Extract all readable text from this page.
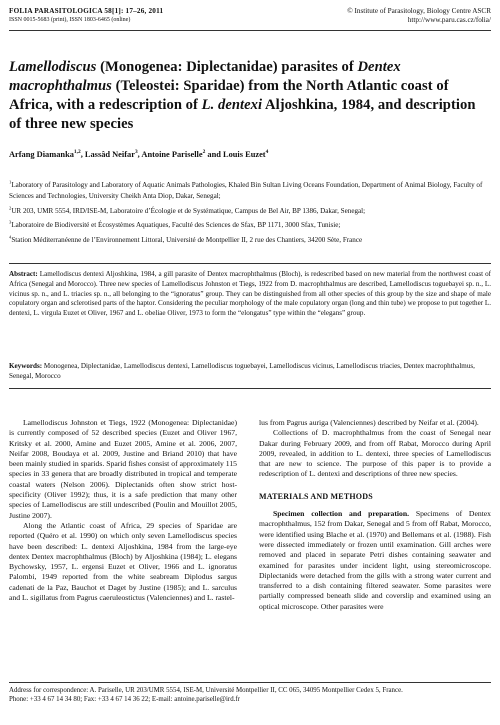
FOLIA PARASITOLOGICA 58[1]: 17–26, 2011
ISSN 0015-5683 (print), ISSN 1803-6465 (online)
© Institute of Parasitology, Biology Centre ASCR
http://www.paru.cas.cz/folia/
Lamellodiscus (Monogenea: Diplectanidae) parasites of Dentex macrophthalmus (Teleostei: Sparidae) from the North Atlantic coast of Africa, with a redescription of L. dentexi Aljoshkina, 1984, and description of three new species
Arfang Diamanka$^{1,2}$, Lassâd Neifar$^3$, Antoine Pariselle$^2$ and Louis Euzet$^4$

$^1$Laboratory of Parasitology and Laboratory of Aquatic Animals Pathologies, Khaled Bin Sultan Living Oceans Foundation, Department of Animal Biology, Faculty of Sciences and Technologies, University Cheikh Anta Diop, Dakar, Senegal;

$^2$UR 203, UMR 5554, IRD/ISE-M, Laboratoire d’Écologie et de Systématique, Campus de Bel Air, BP 1386, Dakar, Senegal;

$^3$Laboratoire de Biodiversité et Écosystèmes Aquatiques, Faculté des Sciences de Sfax, BP 1171, 3000 Sfax, Tunisie;

$^4$Station Méditerranéenne de l’Environnement Littoral, Université de Montpellier II, 2 rue des Chantiers, 34200 Sète, France

Abstract: Lamellodiscus dentexi Aljoshkina, 1984, a gill parasite of Dentex macrophthalmus (Bloch), is redescribed based on new material from the northwest coast of Africa (Senegal and Morocco). Three new species of Lamellodiscus Johnston et Tiegs, 1922 from D. macrophthalmus are described, Lamellodiscus toguebayei sp. n., L. vicinus sp. n., and L. triacies sp. n., all belonging to the “ignoratus” group. They can be distinguished from all other species of this group by the size and shape of male copulatory organ and sclerotised parts of the haptor. Considering the peculiar morphology of the male copulatory organ (long and thin tube) we propose to put together L. dentexi, L. virgula Euzet et Oliver, 1967 and L. obeliae Oliver, 1973 to form the “elongatus” type within the “elegans” group.
Keywords: Monogenea, Diplectanidae, Lamellodiscus dentexi, Lamellodiscus toguebayei, Lamellodiscus vicinus, Lamellodiscus triacies, Dentex macrophthalmus, Senegal, Morocco

Lamellodiscus Johnston et Tiegs, 1922 (Monogenea: Diplectanidae) is currently composed of 52 described species (Euzet and Oliver 1967, Kritsky et al. 2000, Amine and Euzet 2005, Amine et al. 2006, 2007, Neifar 2008, Boudaya et al. 2009, Justine and Briand 2010) that have been mainly studied in sparids. Sparid fishes consist of approximately 115 species in 33 genera that are broadly distributed in tropical and temperate coastal waters (Nelson 2006). Diplectanids often show strict host-specificity (Oliver 1992); thus, it is a safe prediction that many other species of Lamellodiscus are still undescribed (Poulin and Mouillot 2005, Justine 2007).

Along the Atlantic coast of Africa, 29 species of Sparidae are reported (Quéro et al. 1990) on which only seven Lamellodiscus species have been described: L. dentexi Aljoshkina, 1984 from the large-eye dentex Dentex macrophthalmus (Bloch) by Aljoshkina (1984); L. elegans Bychowsky, 1957, L. ergensi Euzet et Oliver, 1966 and L. ignoratus Palombi, 1949 reported from the white seabream Diplodus sargus cadenati de la Paz, Bauchot et Daget by Justine (1985); and L. sarculus and L. sigillatus from Pagrus caeruleostictus (Valenciennes) and L. rastel-

lus from Pagrus auriga (Valenciennes) described by Neifar et al. (2004).

Collections of D. macrophthalmus from the coast of Senegal near Dakar during February 2009, and from off Rabat, Morocco during April 2009, revealed, in addition to L. dentexi, three species of Lamellodiscus that are new to science. The purpose of this paper is to provide a redescription of L. dentexi and descriptions of three new species.

MATERIALS AND METHODS

Specimen collection and preparation. Specimens of Dentex macrophthalmus, 152 from Dakar, Senegal and 5 from off Rabat, Morocco, were identified using Blache et al. (1970) and Bellemans et al. (1988). Fish were dissected immediately or frozen until examination. Gill arches were removed and placed in separate Petri dishes containing seawater and examined for parasites under incident light, using stereomicroscope. Diplectanids were detached from the gills with a strong water current and transferred to a dish containing filtered seawater. Some parasites were partially compressed beneath slide and coverslip and examined using an optical microscope. Other parasites were

Address for correspondence: A. Pariselle, UR 203/UMR 5554, ISE-M, Université Montpellier II, CC 065, 34095 Montpellier Cedex 5, France.
Phone: +33 4 67 14 34 80; Fax: +33 4 67 14 36 22; E-mail: antoine.pariselle@ird.fr
